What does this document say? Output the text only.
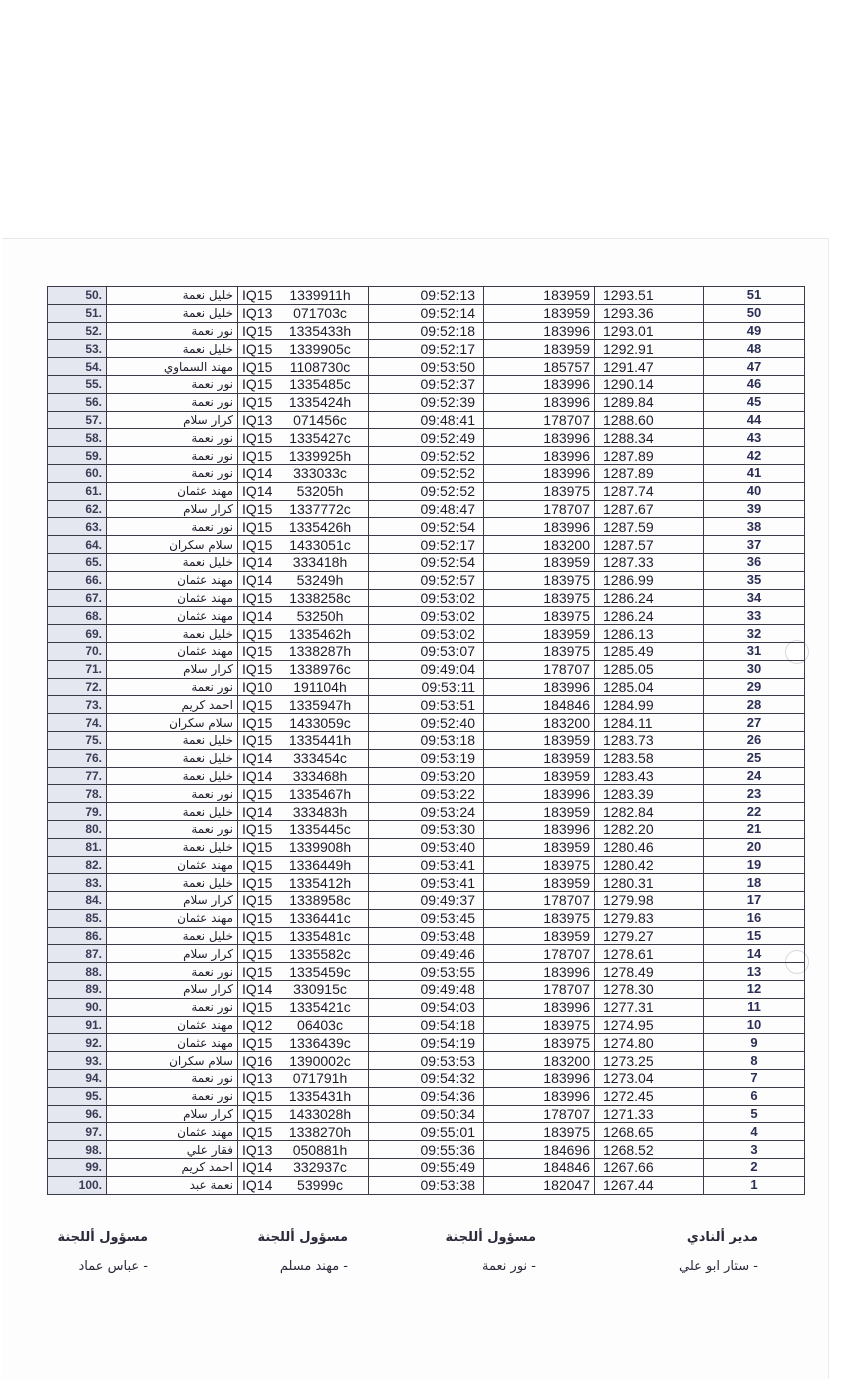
50.	خليل نعمة	IQ15 1339911h	09:52:13	183959	1293.51	51
51.	خليل نعمة	IQ13 071703c	09:52:14	183959	1293.36	50
52.	نور نعمة	IQ15 1335433h	09:52:18	183996	1293.01	49
53.	خليل نعمة	IQ15 1339905c	09:52:17	183959	1292.91	48
54.	مهند السماوي	IQ15 1108730c	09:53:50	185757	1291.47	47
55.	نور نعمة	IQ15 1335485c	09:52:37	183996	1290.14	46
56.	نور نعمة	IQ15 1335424h	09:52:39	183996	1289.84	45
57.	كرار سلام	IQ13 071456c	09:48:41	178707	1288.60	44
58.	نور نعمة	IQ15 1335427c	09:52:49	183996	1288.34	43
59.	نور نعمة	IQ15 1339925h	09:52:52	183996	1287.89	42
60.	نور نعمة	IQ14 333033c	09:52:52	183996	1287.89	41
61.	مهند عثمان	IQ14 53205h	09:52:52	183975	1287.74	40
62.	كرار سلام	IQ15 1337772c	09:48:47	178707	1287.67	39
63.	نور نعمة	IQ15 1335426h	09:52:54	183996	1287.59	38
64.	سلام سكران	IQ15 1433051c	09:52:17	183200	1287.57	37
65.	خليل نعمة	IQ14 333418h	09:52:54	183959	1287.33	36
66.	مهند عثمان	IQ14 53249h	09:52:57	183975	1286.99	35
67.	مهند عثمان	IQ15 1338258c	09:53:02	183975	1286.24	34
68.	مهند عثمان	IQ14 53250h	09:53:02	183975	1286.24	33
69.	خليل نعمة	IQ15 1335462h	09:53:02	183959	1286.13	32
70.	مهند عثمان	IQ15 1338287h	09:53:07	183975	1285.49	31
71.	كرار سلام	IQ15 1338976c	09:49:04	178707	1285.05	30
72.	نور نعمة	IQ10 191104h	09:53:11	183996	1285.04	29
73.	احمد كريم	IQ15 1335947h	09:53:51	184846	1284.99	28
74.	سلام سكران	IQ15 1433059c	09:52:40	183200	1284.11	27
75.	خليل نعمة	IQ15 1335441h	09:53:18	183959	1283.73	26
76.	خليل نعمة	IQ14 333454c	09:53:19	183959	1283.58	25
77.	خليل نعمة	IQ14 333468h	09:53:20	183959	1283.43	24
78.	نور نعمة	IQ15 1335467h	09:53:22	183996	1283.39	23
79.	خليل نعمة	IQ14 333483h	09:53:24	183959	1282.84	22
80.	نور نعمة	IQ15 1335445c	09:53:30	183996	1282.20	21
81.	خليل نعمة	IQ15 1339908h	09:53:40	183959	1280.46	20
82.	مهند عثمان	IQ15 1336449h	09:53:41	183975	1280.42	19
83.	خليل نعمة	IQ15 1335412h	09:53:41	183959	1280.31	18
84.	كرار سلام	IQ15 1338958c	09:49:37	178707	1279.98	17
85.	مهند عثمان	IQ15 1336441c	09:53:45	183975	1279.83	16
86.	خليل نعمة	IQ15 1335481c	09:53:48	183959	1279.27	15
87.	كرار سلام	IQ15 1335582c	09:49:46	178707	1278.61	14
88.	نور نعمة	IQ15 1335459c	09:53:55	183996	1278.49	13
89.	كرار سلام	IQ14 330915c	09:49:48	178707	1278.30	12
90.	نور نعمة	IQ15 1335421c	09:54:03	183996	1277.31	11
91.	مهند عثمان	IQ12 06403c	09:54:18	183975	1274.95	10
92.	مهند عثمان	IQ15 1336439c	09:54:19	183975	1274.80	9
93.	سلام سكران	IQ16 1390002c	09:53:53	183200	1273.25	8
94.	نور نعمة	IQ13 071791h	09:54:32	183996	1273.04	7
95.	نور نعمة	IQ15 1335431h	09:54:36	183996	1272.45	6
96.	كرار سلام	IQ15 1433028h	09:50:34	178707	1271.33	5
97.	مهند عثمان	IQ15 1338270h	09:55:01	183975	1268.65	4
98.	فقار علي	IQ13 050881h	09:55:36	184696	1268.52	3
99.	احمد كريم	IQ14 332937c	09:55:49	184846	1267.66	2
100.	نعمة عبد	IQ14 53999c	09:53:38	182047	1267.44	1
مدير ألنادي
- ستار ابو علي
مسؤول أللجنة
- نور نعمة
مسؤول أللجنة
- مهند مسلم
مسؤول أللجنة
- عباس عماد
